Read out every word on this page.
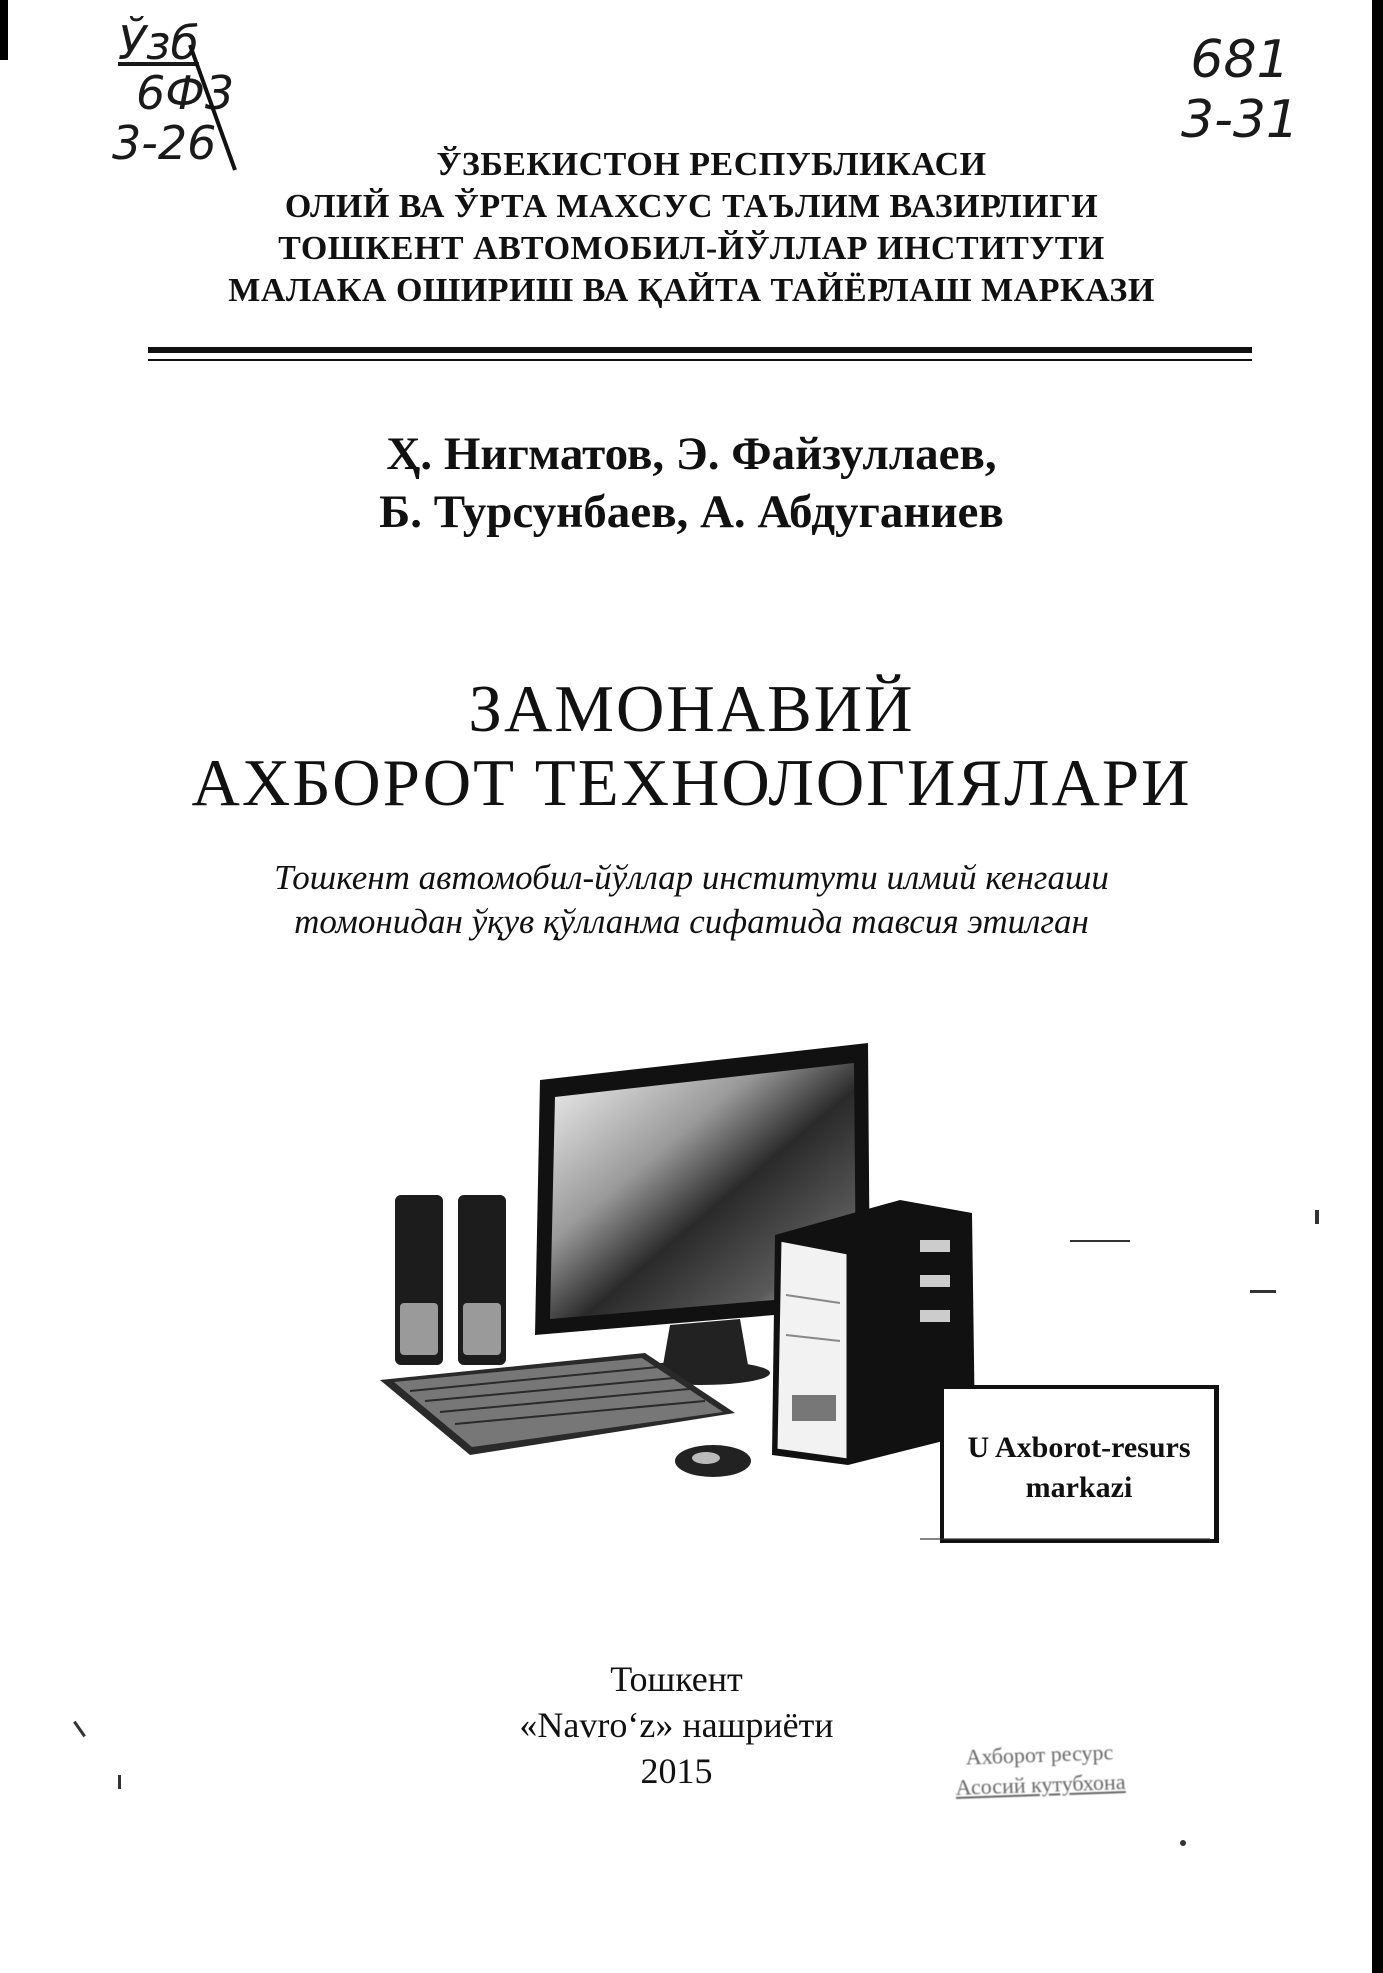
Ўзб
6Ф3
3-26
681
3-31
ЎЗБЕКИСТОН РЕСПУБЛИКАСИ
ОЛИЙ ВА ЎРТА МАХСУС ТАЪЛИМ ВАЗИРЛИГИ
ТОШКЕНТ АВТОМОБИЛ-ЙЎЛЛАР ИНСТИТУТИ
МАЛАКА ОШИРИШ ВА ҚАЙТА ТАЙЁРЛАШ МАРКАЗИ
Ҳ. Нигматов, Э. Файзуллаев,
Б. Турсунбаев, А. Абдуганиев
ЗАМОНАВИЙ
АХБОРОТ ТЕХНОЛОГИЯЛАРИ
Тошкент автомобил-йўллар институти илмий кенгаши
томонидан ўқув қўлланма сифатида тавсия этилган
U Axborot-resurs
markazi
Тошкент
«Navro‘z» нашриёти
2015	Ахборот ресурс
Асосий кутубхона
